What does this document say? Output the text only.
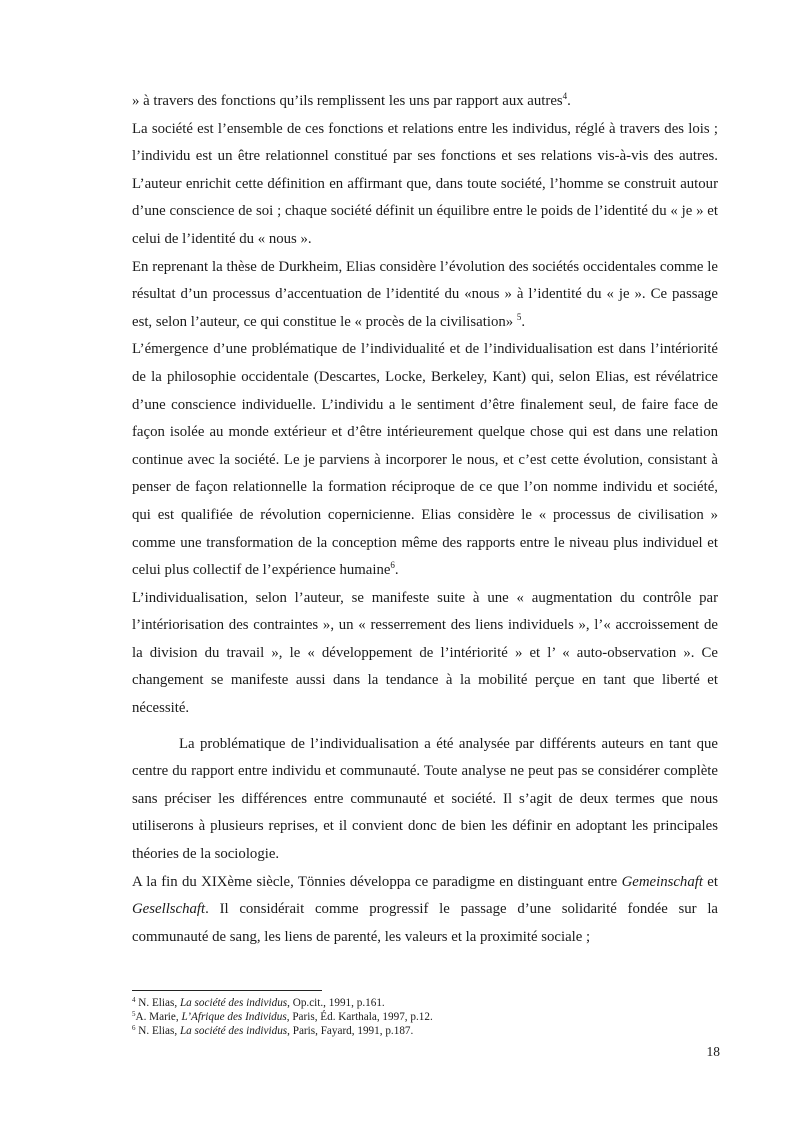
» à travers des fonctions qu’ils remplissent les uns par rapport aux autres$^4$.

La société est l’ensemble de ces fonctions et relations entre les individus, réglé à travers des lois ; l’individu est un être relationnel constitué par ses fonctions et ses relations vis-à-vis des autres. L’auteur enrichit cette définition en affirmant que, dans toute société, l’homme se construit autour d’une conscience de soi ; chaque société définit un équilibre entre le poids de l’identité du « je » et celui de l’identité du « nous ».

En reprenant la thèse de Durkheim, Elias considère l’évolution des sociétés occidentales comme le résultat d’un processus d’accentuation de l’identité du «nous » à l’identité du « je ». Ce passage est, selon l’auteur, ce qui constitue le « procès de la civilisation» $^5$.

L’émergence d’une problématique de l’individualité et de l’individualisation est dans l’intériorité de la philosophie occidentale (Descartes, Locke, Berkeley, Kant) qui, selon Elias, est révélatrice d’une conscience individuelle. L’individu a le sentiment d’être finalement seul, de faire face de façon isolée au monde extérieur et d’être intérieurement quelque chose qui est dans une relation continue avec la société. Le je parviens à incorporer le nous, et c’est cette évolution, consistant à penser de façon relationnelle la formation réciproque de ce que l’on nomme individu et société, qui est qualifiée de révolution copernicienne. Elias considère le « processus de civilisation » comme une transformation de la conception même des rapports entre le niveau plus individuel et celui plus collectif de l’expérience humaine$^6$.

L’individualisation, selon l’auteur, se manifeste suite à une « augmentation du contrôle par l’intériorisation des contraintes », un « resserrement des liens individuels », l’« accroissement de la division du travail », le « développement de l’intériorité » et l’ « auto-observation ». Ce changement se manifeste aussi dans la tendance à la mobilité perçue en tant que liberté et nécessité.

La problématique de l’individualisation a été analysée par différents auteurs en tant que centre du rapport entre individu et communauté. Toute analyse ne peut pas se considérer complète sans préciser les différences entre communauté et société. Il s’agit de deux termes que nous utiliserons à plusieurs reprises, et il convient donc de bien les définir en adoptant les principales théories de la sociologie.

A la fin du XIXème siècle, Tönnies développa ce paradigme en distinguant entre Gemeinschaft et Gesellschaft. Il considérait comme progressif le passage d’une solidarité fondée sur la communauté de sang, les liens de parenté, les valeurs et la proximité sociale ;

$^4$ N. Elias, La société des individus, Op.cit., 1991, p.161.

$^5$A. Marie, L’Afrique des Individus, Paris, Éd. Karthala, 1997, p.12.

$^6$ N. Elias, La société des individus, Paris, Fayard, 1991, p.187.

18
